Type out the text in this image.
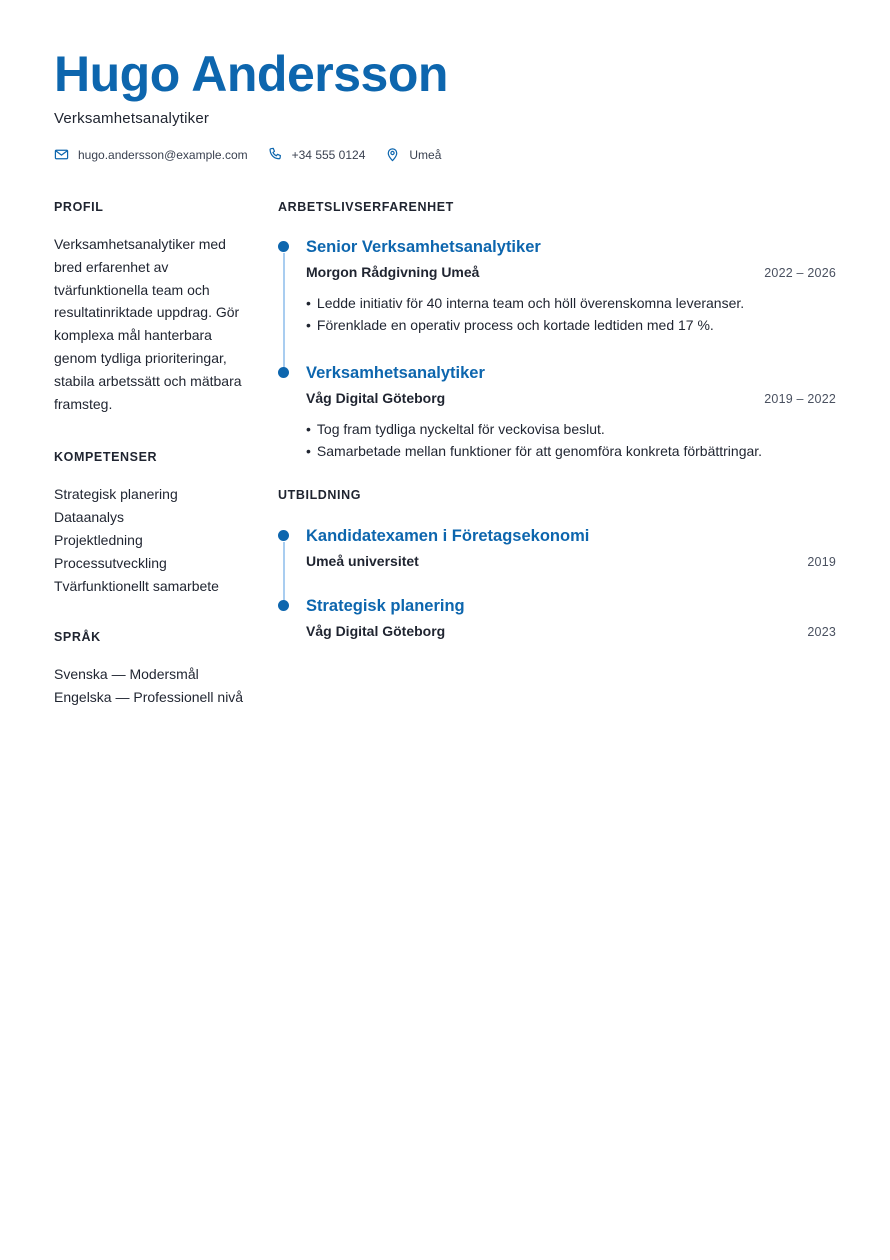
Hugo Andersson
Verksamhetsanalytiker
hugo.andersson@example.com	+34 555 0124	Umeå
PROFIL

Verksamhetsanalytiker med bred erfarenhet av tvärfunktionella team och resultatinriktade uppdrag. Gör komplexa mål hanterbara genom tydliga prioriteringar, stabila arbetssätt och mätbara framsteg.

KOMPETENSER
Strategisk planering
Dataanalys
Projektledning
Processutveckling
Tvärfunktionellt samarbete
SPRÅK
Svenska — Modersmål
Engelska — Professionell nivå
ARBETSLIVSERFARENHET
Senior Verksamhetsanalytiker
Morgon Rådgivning Umeå	2022 – 2026
• Ledde initiativ för 40 interna team och höll överenskomna leveranser.
• Förenklade en operativ process och kortade ledtiden med 17 %.
Verksamhetsanalytiker
Våg Digital Göteborg	2019 – 2022
• Tog fram tydliga nyckeltal för veckovisa beslut.
• Samarbetade mellan funktioner för att genomföra konkreta förbättringar.
UTBILDNING
Kandidatexamen i Företagsekonomi
Umeå universitet	2019
Strategisk planering
Våg Digital Göteborg	2023
